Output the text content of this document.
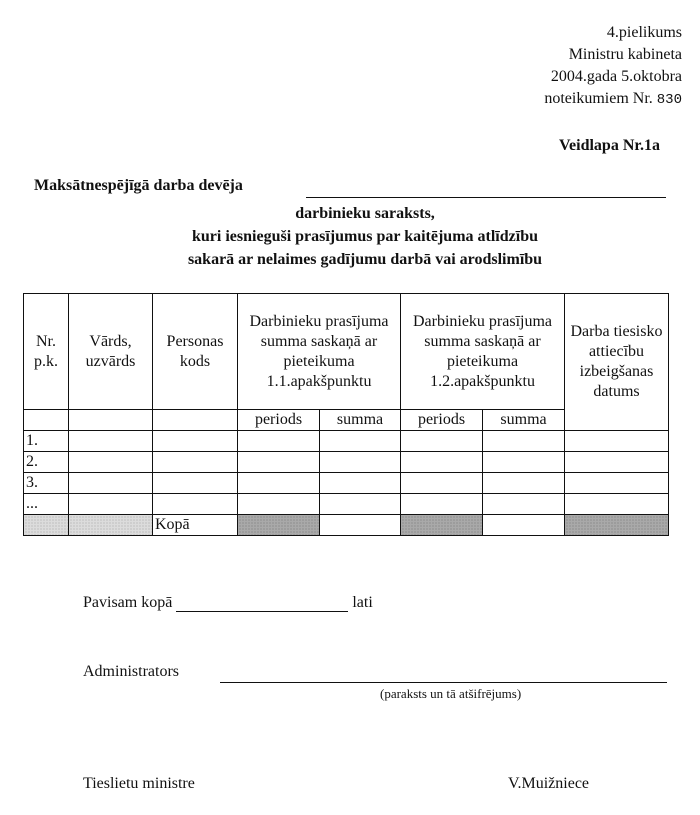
4.pielikums
Ministru kabineta
2004.gada 5.oktobra
noteikumiem Nr. 830
Veidlapa Nr.1a
Maksātnespējīgā darba devēja
darbinieku saraksts,
kuri iesnieguši prasījumus par kaitējuma atlīdzību
sakarā ar nelaimes gadījumu darbā vai arodslimību
Nr. p.k.	Vārds, uzvārds	Personas kods	Darbinieku prasījuma summa saskaņā ar pieteikuma 1.1.apakšpunktu		Darbinieku prasījuma summa saskaņā ar pieteikuma 1.2.apakšpunktu		Darba tiesisko attiecību izbeigšanas datums

			periods	summa	periods	summa	
1.							
2.							
3.							
...							
		Kopā					
Pavisam kopā	lati
Administrators
(paraksts un tā atšifrējums)
Tieslietu ministre	V.Muižniece
